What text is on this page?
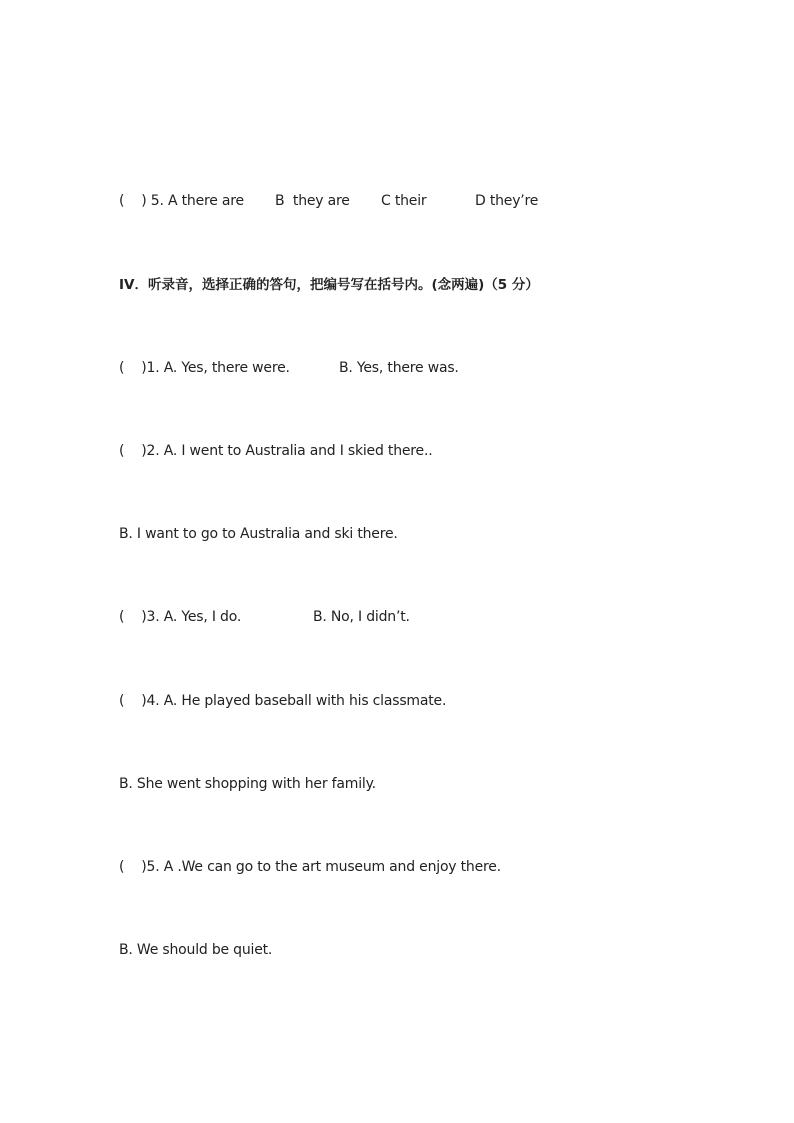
(    ) 5. A there are

B  they are

C their

	D they’re

IV．听录音，选择正确的答句，把编号写在括号内。(念两遍)（5 分）

(    )1. A. Yes, there were.

	B. Yes, there was.

(    )2. A. I went to Australia and I skied there..
B. I want to go to Australia and ski there.

(    )3. A. Yes, I do.

	B. No, I didn’t.

(    )4. A. He played baseball with his classmate.
B. She went shopping with her family.
(    )5. A .We can go to the art museum and enjoy there.
B. We should be quiet.
